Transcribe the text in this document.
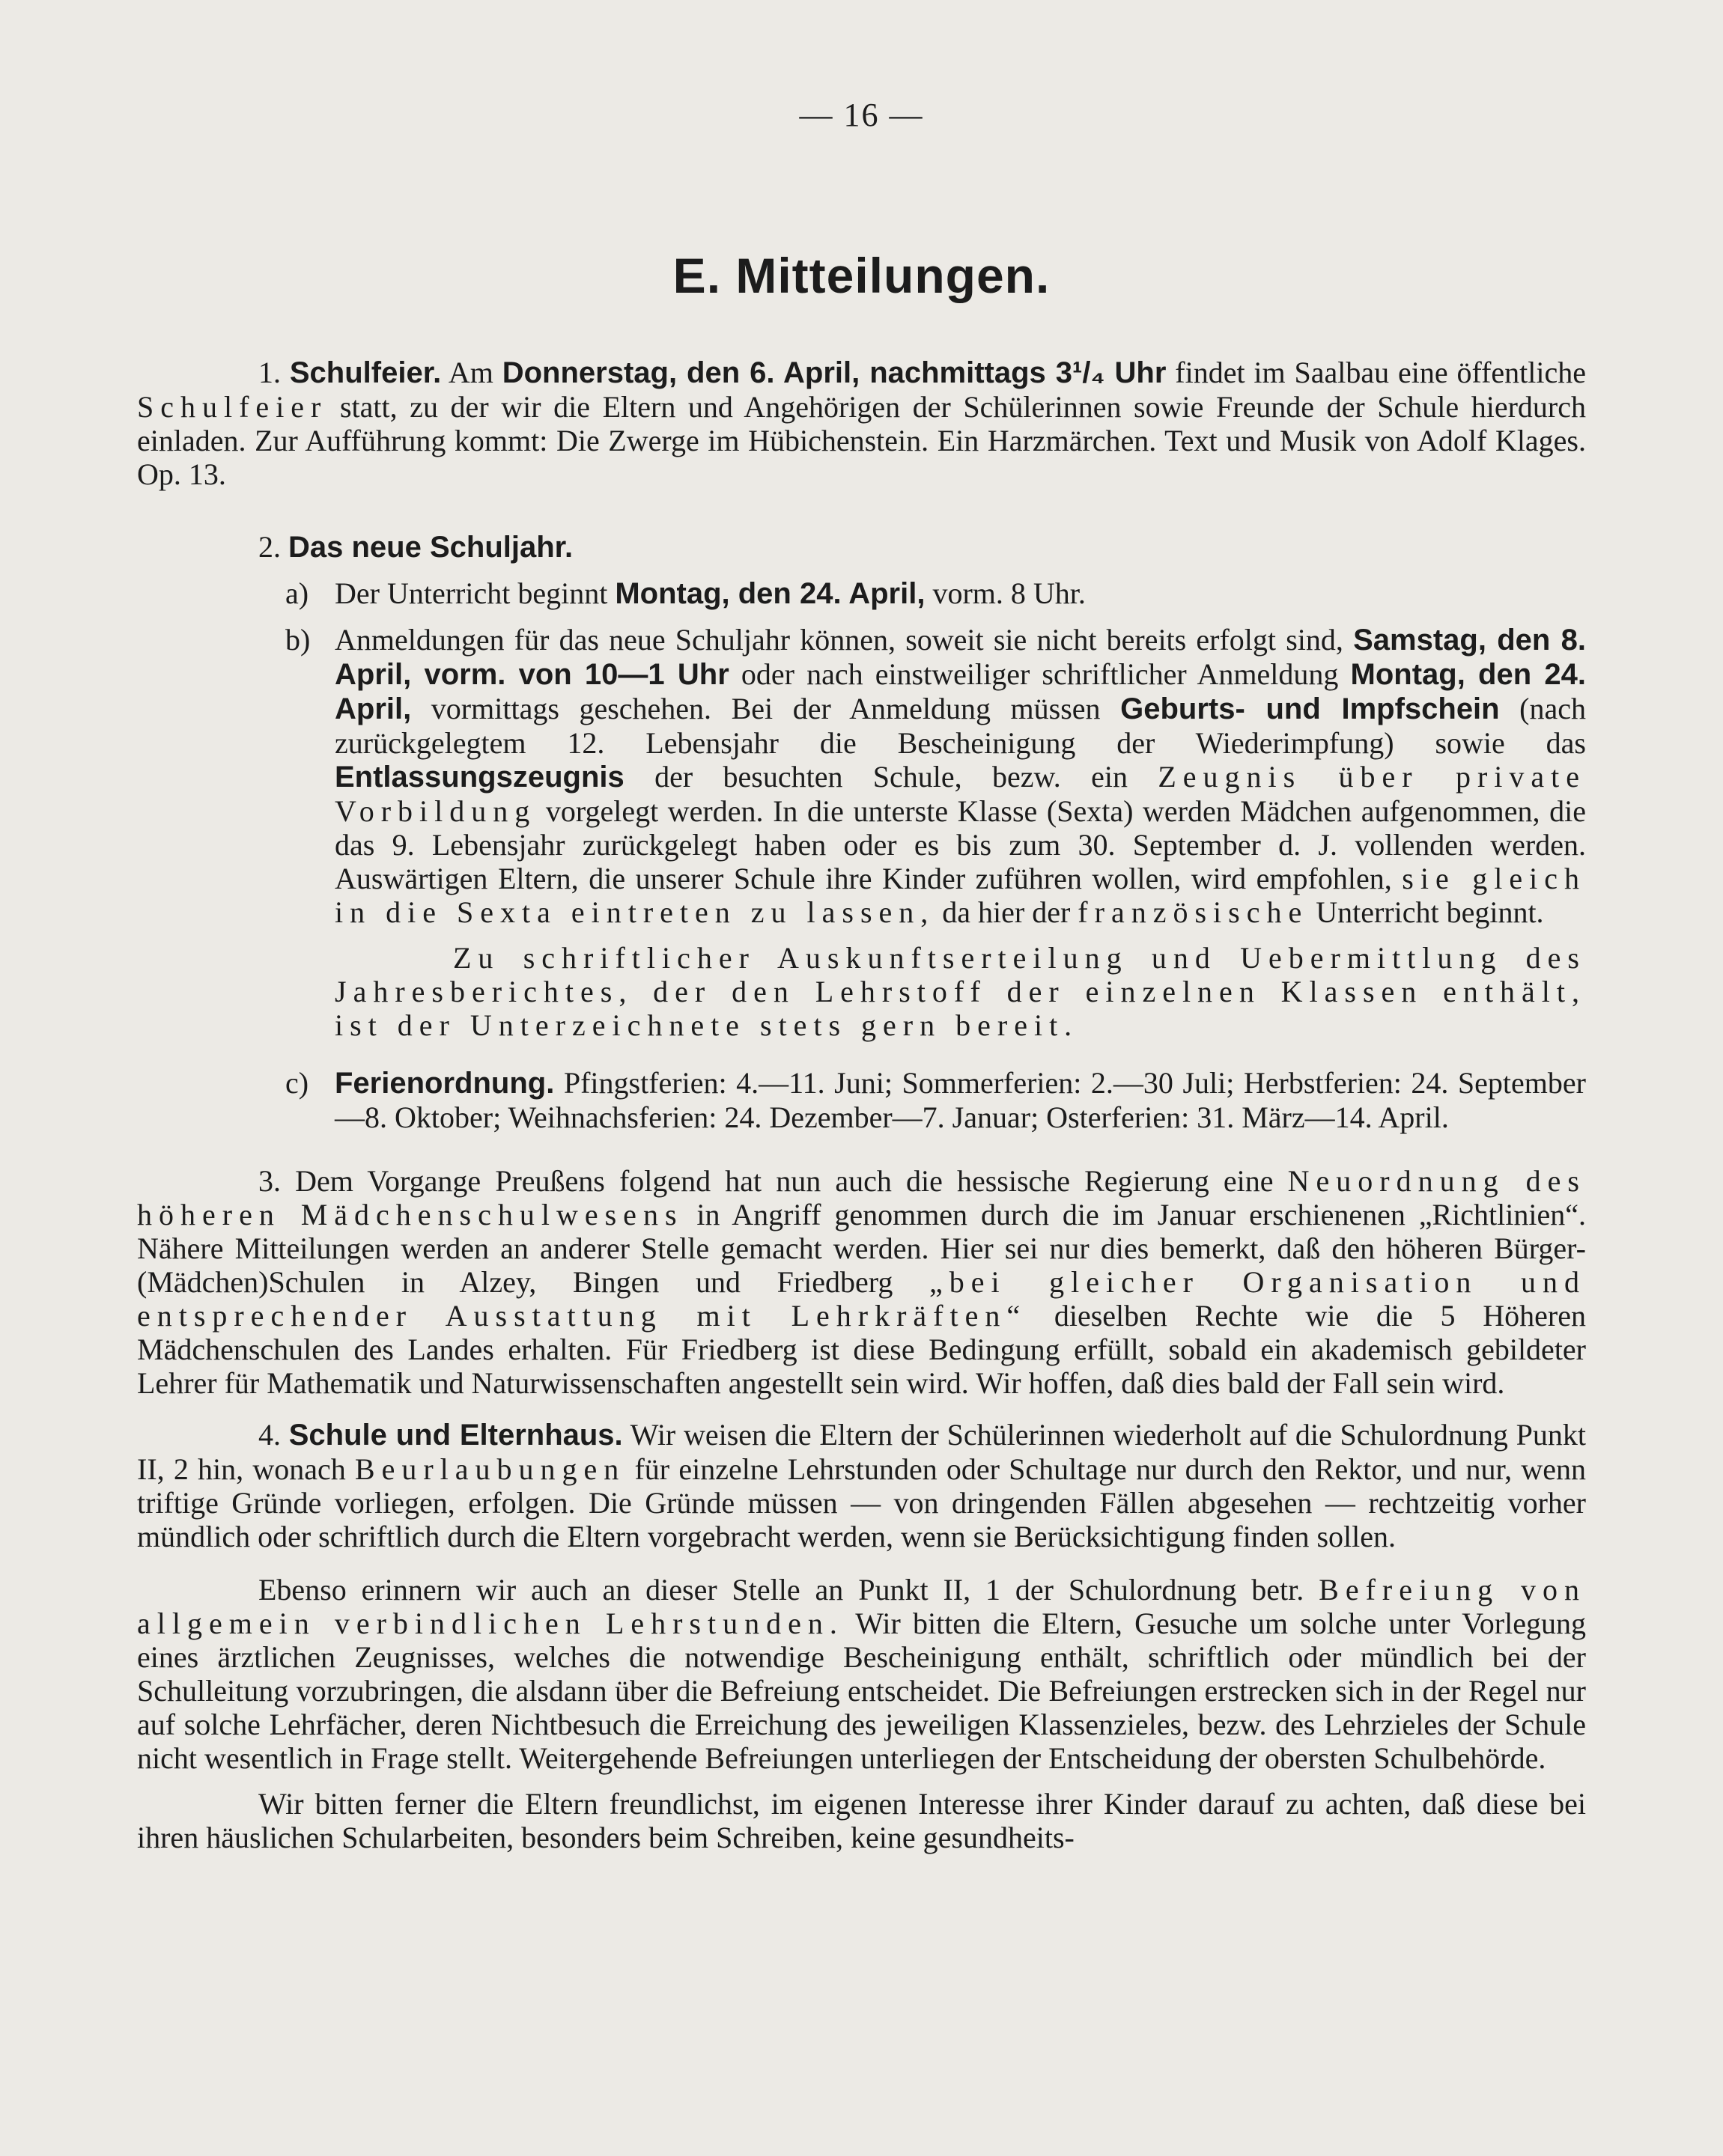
— 16 —
E. Mitteilungen.

1. Schulfeier. Am Donnerstag, den 6. April, nachmittags 3¹/₄ Uhr findet im Saalbau eine öffentliche Schulfeier statt, zu der wir die Eltern und Angehörigen der Schülerinnen sowie Freunde der Schule hierdurch einladen. Zur Aufführung kommt: Die Zwerge im Hübichenstein. Ein Harzmärchen. Text und Musik von Adolf Klages. Op. 13.

2. Das neue Schuljahr.

a) Der Unterricht beginnt Montag, den 24. April, vorm. 8 Uhr.

b) Anmeldungen für das neue Schuljahr können, soweit sie nicht bereits erfolgt sind, Samstag, den 8. April, vorm. von 10—1 Uhr oder nach einstweiliger schriftlicher Anmeldung Montag, den 24. April, vormittags geschehen. Bei der Anmeldung müssen Geburts- und Impfschein (nach zurückgelegtem 12. Lebensjahr die Bescheinigung der Wiederimpfung) sowie das Entlassungszeugnis der besuchten Schule, bezw. ein Zeugnis über private Vorbildung vorgelegt werden. In die unterste Klasse (Sexta) werden Mädchen aufgenommen, die das 9. Lebensjahr zurückgelegt haben oder es bis zum 30. September d. J. vollenden werden. Auswärtigen Eltern, die unserer Schule ihre Kinder zuführen wollen, wird empfohlen, sie gleich in die Sexta eintreten zu lassen, da hier der französische Unterricht beginnt.

Zu schriftlicher Auskunftserteilung und Uebermittlung des Jahresberichtes, der den Lehrstoff der einzelnen Klassen enthält, ist der Unterzeichnete stets gern bereit.

c) Ferienordnung. Pfingstferien: 4.—11. Juni; Sommerferien: 2.—30 Juli; Herbstferien: 24. September—8. Oktober; Weihnachsferien: 24. Dezember—7. Januar; Osterferien: 31. März—14. April.

3. Dem Vorgange Preußens folgend hat nun auch die hessische Regierung eine Neuordnung des höheren Mädchenschulwesens in Angriff genommen durch die im Januar erschienenen „Richtlinien“. Nähere Mitteilungen werden an anderer Stelle gemacht werden. Hier sei nur dies bemerkt, daß den höheren Bürger-(Mädchen)Schulen in Alzey, Bingen und Friedberg „bei gleicher Organisation und entsprechender Ausstattung mit Lehrkräften“ dieselben Rechte wie die 5 Höheren Mädchenschulen des Landes erhalten. Für Friedberg ist diese Bedingung erfüllt, sobald ein akademisch gebildeter Lehrer für Mathematik und Naturwissenschaften angestellt sein wird. Wir hoffen, daß dies bald der Fall sein wird.

4. Schule und Elternhaus. Wir weisen die Eltern der Schülerinnen wiederholt auf die Schulordnung Punkt II, 2 hin, wonach Beurlaubungen für einzelne Lehrstunden oder Schultage nur durch den Rektor, und nur, wenn triftige Gründe vorliegen, erfolgen. Die Gründe müssen — von dringenden Fällen abgesehen — rechtzeitig vorher mündlich oder schriftlich durch die Eltern vorgebracht werden, wenn sie Berücksichtigung finden sollen.

Ebenso erinnern wir auch an dieser Stelle an Punkt II, 1 der Schulordnung betr. Befreiung von allgemein verbindlichen Lehrstunden. Wir bitten die Eltern, Gesuche um solche unter Vorlegung eines ärztlichen Zeugnisses, welches die notwendige Bescheinigung enthält, schriftlich oder mündlich bei der Schulleitung vorzubringen, die alsdann über die Befreiung entscheidet. Die Befreiungen erstrecken sich in der Regel nur auf solche Lehrfächer, deren Nichtbesuch die Erreichung des jeweiligen Klassenzieles, bezw. des Lehrzieles der Schule nicht wesentlich in Frage stellt. Weitergehende Befreiungen unterliegen der Entscheidung der obersten Schulbehörde.

Wir bitten ferner die Eltern freundlichst, im eigenen Interesse ihrer Kinder darauf zu achten, daß diese bei ihren häuslichen Schularbeiten, besonders beim Schreiben, keine gesundheits-
